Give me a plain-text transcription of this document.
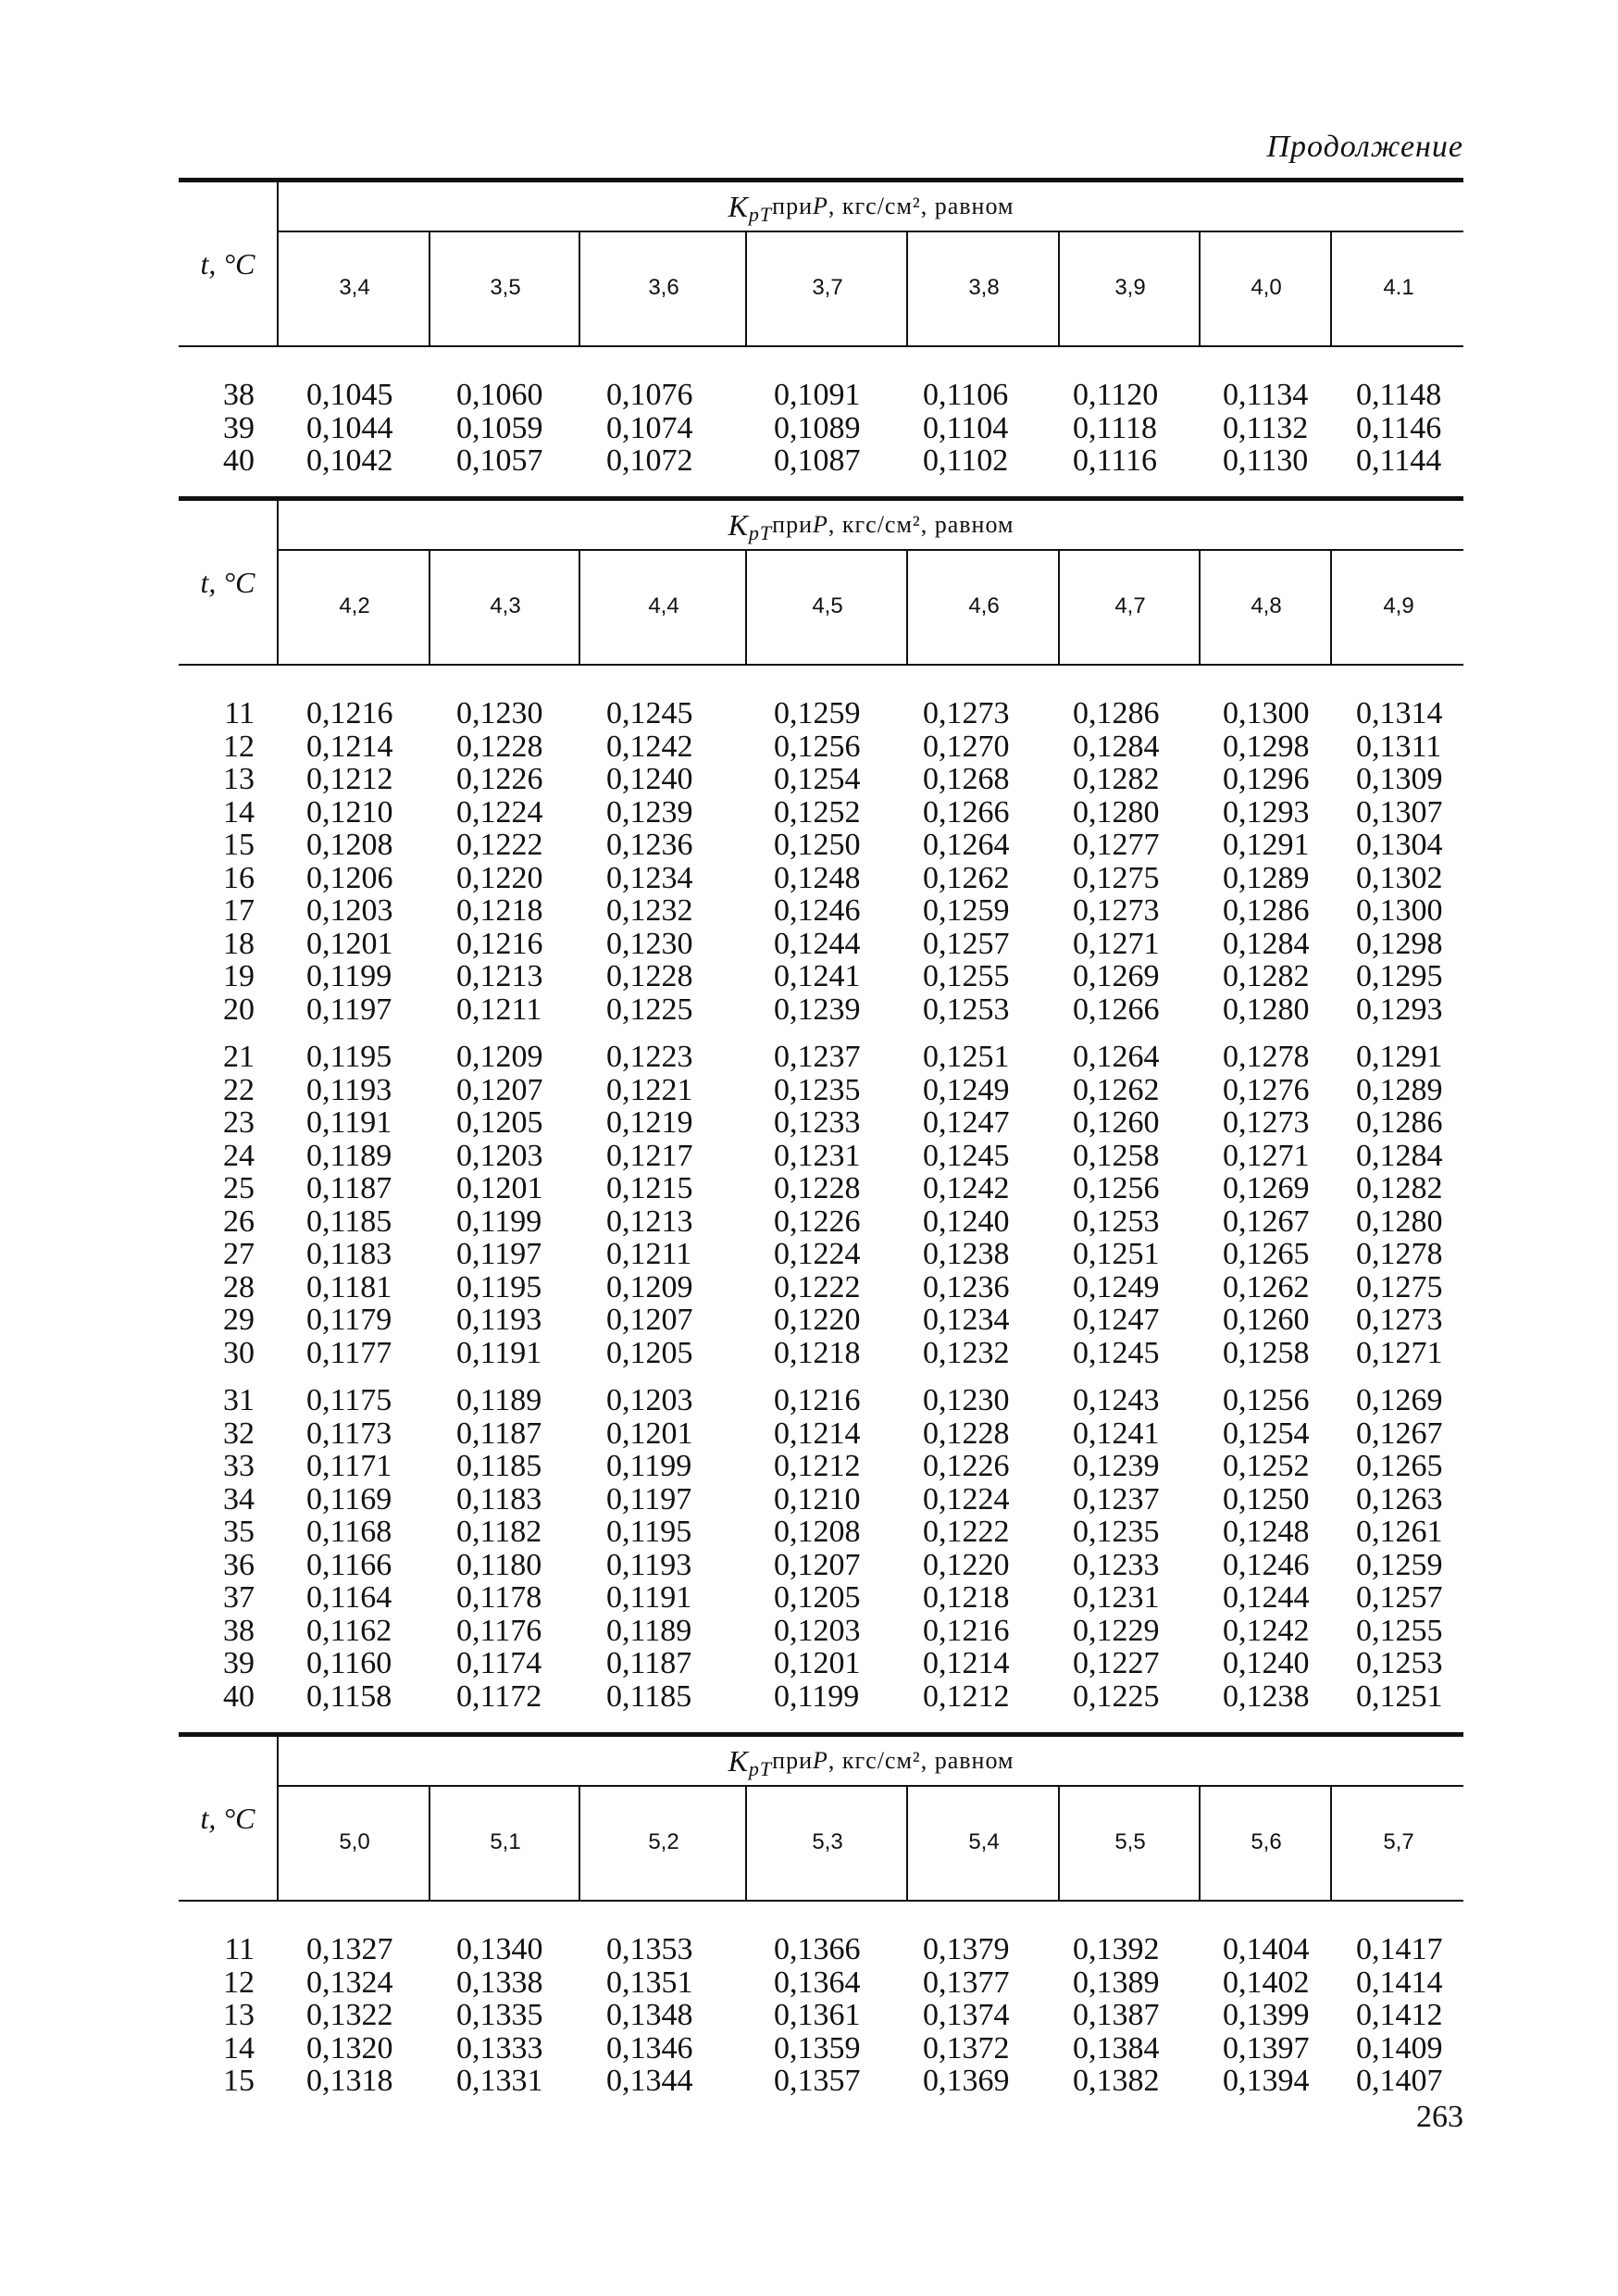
Продолжение
t, °C
K pT при P , кгс/см², равном
3,4	3,5	3,6	3,7	3,8	3,9	4,0	4.1
38 0,1045 0,1060 0,1076	0,1091 0,1106 0,1120 0,1134 0,1148
39 0,1044 0,1059 0,1074	0,1089 0,1104 0,1118 0,1132 0,1146
40 0,1042 0,1057 0,1072	0,1087 0,1102 0,1116 0,1130 0,1144
t, °C
K pT при P , кгс/см², равном
4,2	4,3	4,4	4,5	4,6	4,7	4,8	4,9
11 0,1216 0,1230 0,1245	0,1259 0,1273 0,1286 0,1300 0,1314
12 0,1214 0,1228 0,1242	0,1256 0,1270 0,1284 0,1298 0,1311
13 0,1212 0,1226 0,1240	0,1254 0,1268 0,1282 0,1296 0,1309
14 0,1210 0,1224 0,1239	0,1252 0,1266 0,1280 0,1293 0,1307
15 0,1208 0,1222 0,1236	0,1250 0,1264 0,1277 0,1291 0,1304
16 0,1206 0,1220 0,1234	0,1248 0,1262 0,1275 0,1289 0,1302
17 0,1203 0,1218 0,1232	0,1246 0,1259 0,1273 0,1286 0,1300
18 0,1201 0,1216 0,1230	0,1244 0,1257 0,1271 0,1284 0,1298
19 0,1199 0,1213 0,1228	0,1241 0,1255 0,1269 0,1282 0,1295
20 0,1197 0,1211 0,1225	0,1239 0,1253 0,1266 0,1280 0,1293
21 0,1195 0,1209 0,1223	0,1237 0,1251 0,1264 0,1278 0,1291
22 0,1193 0,1207 0,1221	0,1235 0,1249 0,1262 0,1276 0,1289
23 0,1191 0,1205 0,1219	0,1233 0,1247 0,1260 0,1273 0,1286
24 0,1189 0,1203 0,1217	0,1231 0,1245 0,1258 0,1271 0,1284
25 0,1187 0,1201 0,1215	0,1228 0,1242 0,1256 0,1269 0,1282
26 0,1185 0,1199 0,1213	0,1226 0,1240 0,1253 0,1267 0,1280
27 0,1183 0,1197 0,1211	0,1224 0,1238 0,1251 0,1265 0,1278
28 0,1181 0,1195 0,1209	0,1222 0,1236 0,1249 0,1262 0,1275
29 0,1179 0,1193 0,1207	0,1220 0,1234 0,1247 0,1260 0,1273
30 0,1177 0,1191 0,1205	0,1218 0,1232 0,1245 0,1258 0,1271
31 0,1175 0,1189 0,1203	0,1216 0,1230 0,1243 0,1256 0,1269
32 0,1173 0,1187 0,1201	0,1214 0,1228 0,1241 0,1254 0,1267
33 0,1171 0,1185 0,1199	0,1212 0,1226 0,1239 0,1252 0,1265
34 0,1169 0,1183 0,1197	0,1210 0,1224 0,1237 0,1250 0,1263
35 0,1168 0,1182 0,1195	0,1208 0,1222 0,1235 0,1248 0,1261
36 0,1166 0,1180 0,1193	0,1207 0,1220 0,1233 0,1246 0,1259
37 0,1164 0,1178 0,1191	0,1205 0,1218 0,1231 0,1244 0,1257
38 0,1162 0,1176 0,1189	0,1203 0,1216 0,1229 0,1242 0,1255
39 0,1160 0,1174 0,1187	0,1201 0,1214 0,1227 0,1240 0,1253
40 0,1158 0,1172 0,1185	0,1199 0,1212 0,1225 0,1238 0,1251
t, °C
K pT при P , кгс/см², равном
5,0	5,1	5,2	5,3	5,4	5,5	5,6	5,7
11 0,1327 0,1340 0,1353	0,1366 0,1379 0,1392 0,1404 0,1417
12 0,1324 0,1338 0,1351	0,1364 0,1377 0,1389 0,1402 0,1414
13 0,1322 0,1335 0,1348	0,1361 0,1374 0,1387 0,1399 0,1412
14 0,1320 0,1333 0,1346	0,1359 0,1372 0,1384 0,1397 0,1409
15 0,1318 0,1331 0,1344	0,1357 0,1369 0,1382 0,1394 0,1407
263
